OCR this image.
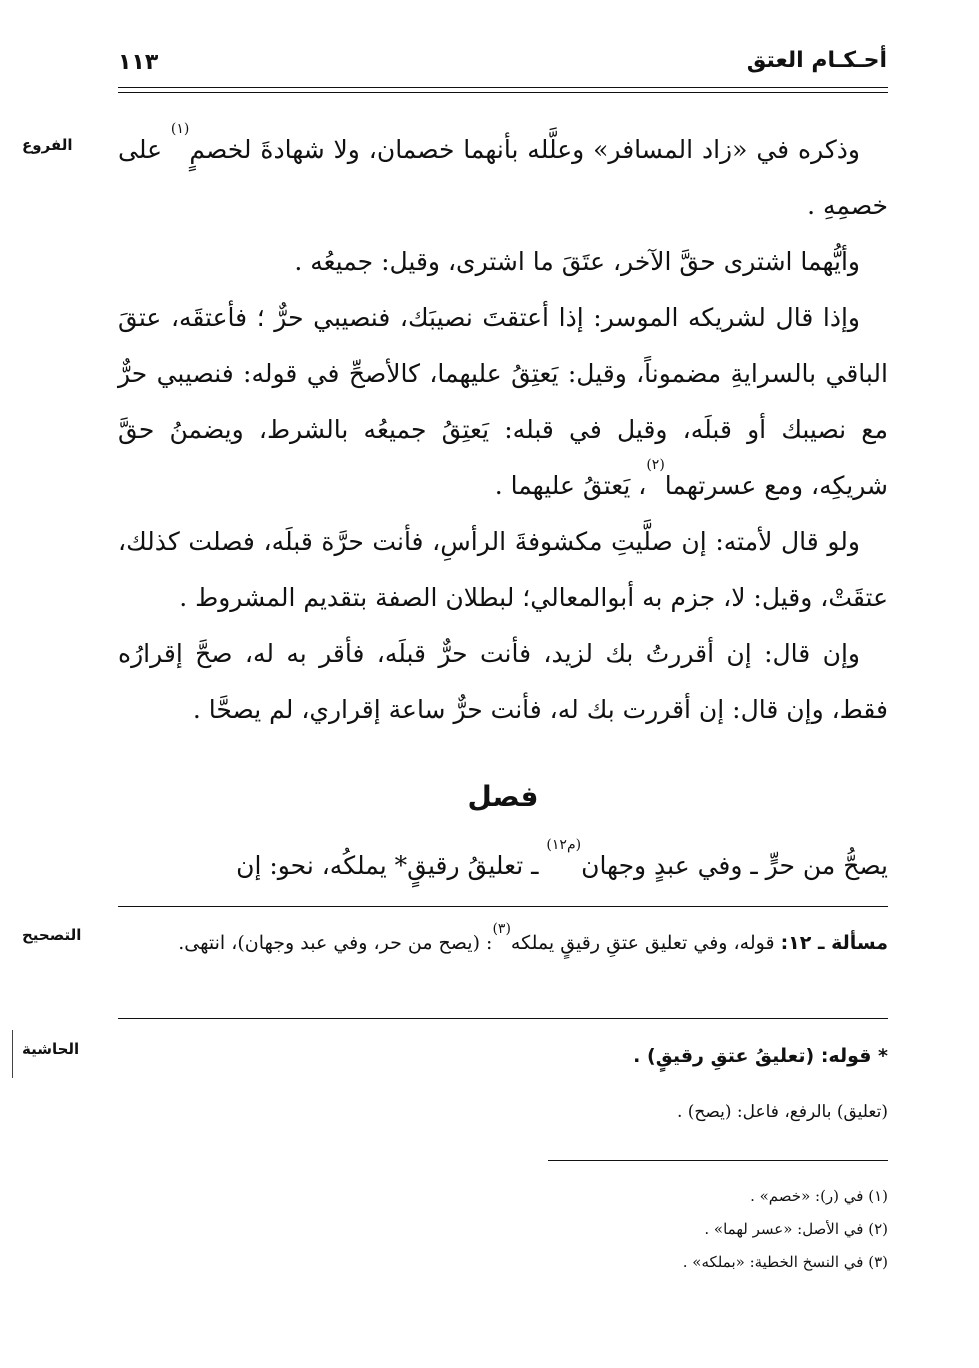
أحـكـام العتق
١١٣
الفروع
التصحيح
الحاشية

وذكره في «زاد المسافر» وعلَّله بأنهما خصمان، ولا شهادةَ لخصمٍ$^{(١)}$ على خصمِهِ .

وأيُّهما اشترى حقَّ الآخر، عتَقَ ما اشترى، وقيل: جميعُه .

وإذا قال لشريكه الموسر: إذا أعتقتَ نصيبَك، فنصيبي حرٌّ ؛ فأعتقَه، عتقَ الباقي بالسرايةِ مضموناً، وقيل: يَعتِقُ عليهما، كالأصحِّ في قوله: فنصيبي حرٌّ مع نصيبك أو قبلَه، وقيل في قبله: يَعتِقُ جميعُه بالشرط، ويضمنُ حقَّ شريكِه، ومع عسرتهما$^{(٢)}$، يَعتقُ عليهما .

ولو قال لأمته: إن صلَّيتِ مكشوفةَ الرأسِ، فأنت حرَّة قبلَه، فصلت كذلك، عتقَتْ، وقيل: لا، جزم به أبوالمعالي؛ لبطلان الصفة بتقديم المشروط .

وإن قال: إن أقررتُ بك لزيد، فأنت حرٌّ قبلَه، فأقر به له، صحَّ إقرارُه فقط، وإن قال: إن أقررت بك له، فأنت حرٌّ ساعة إقراري، لم يصحَّا .

فصل
يصحُّ من حرٍّ ـ وفي عبدٍ وجهان$^{(م١٢)}$ ـ تعليقُ رقيقٍ* يملكُه، نحو: إن
مسألة ـ ١٢: قوله، وفي تعليق عتقِ رقيقٍ يملكه$^{(٣)}$: (يصح من حر، وفي عبد وجهان)، انتهى.
* قوله: (تعليقُ عتقِ رقيقٍ) .
(تعليق) بالرفع، فاعل: (يصح) .
(١) في (ر): «خصم» .
(٢) في الأصل: «عسر لهما» .
(٣) في النسخ الخطية: «بملكه» .
